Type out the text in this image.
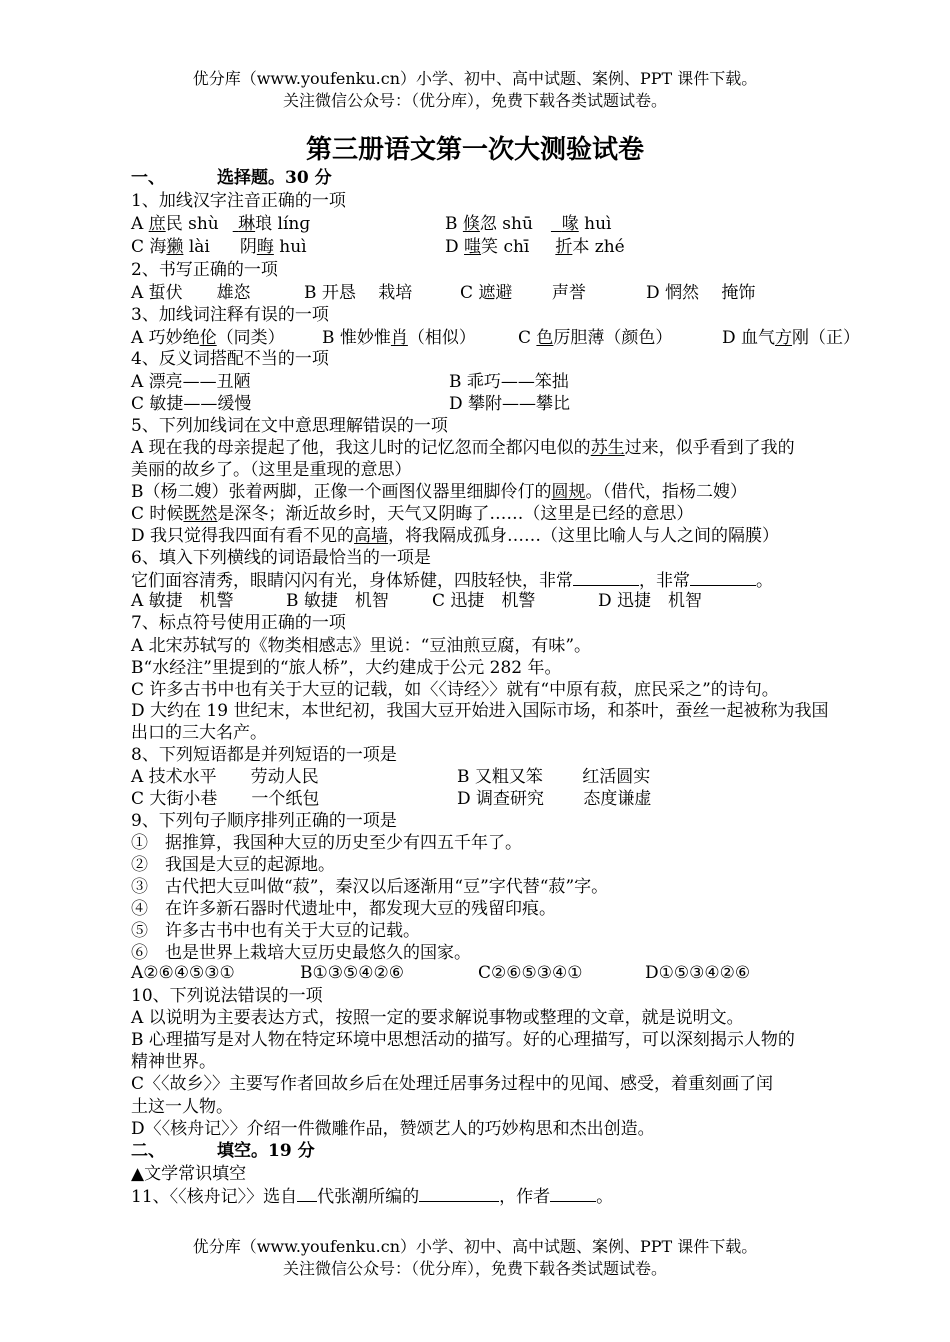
优分库（www.youfenku.cn）小学、初中、高中试题、案例、PPT 课件下载。
关注微信公众号：（优分库），免费下载各类试题试卷。
第三册语文第一次大测验试卷
一、	选择题。30 分
1、加线汉字注音正确的一项
A 庶民 shù 琳琅 línɡ	B 倏忽 shū 喙 huì
C 海獭 lài 阴晦 huì	D 嗤笑 chī 折本 zhé
2、书写正确的一项
A 蜇伏　　雄恣	B 开恳　 栽培	C 遮避　　 声誉	D 惘然　 掩饰
3、加线词注释有误的一项
A 巧妙绝伦（同类） B 惟妙惟肖（相似） C 色厉胆薄（颜色）	D 血气方刚（正）
4、反义词搭配不当的一项
A 漂亮——丑陋	B 乖巧——笨拙
C 敏捷——缓慢	D 攀附——攀比
5、下列加线词在文中意思理解错误的一项
A 现在我的母亲提起了他，我这儿时的记忆忽而全都闪电似的苏生过来，似乎看到了我的
美丽的故乡了。（这里是重现的意思）
B（杨二嫂）张着两脚，正像一个画图仪器里细脚伶仃的圆规。（借代，指杨二嫂）
C 时候既然是深冬；渐近故乡时，天气又阴晦了……（这里是已经的意思）
D 我只觉得我四面有看不见的高墙，将我隔成孤身……（这里比喻人与人之间的隔膜）
6、填入下列横线的词语最恰当的一项是
它们面容清秀，眼睛闪闪有光，身体矫健，四肢轻快，非常	，非常	。
A 敏捷　机警	B 敏捷　机智	C 迅捷　机警	D 迅捷　机智
7、标点符号使用正确的一项
A 北宋苏轼写的《物类相感志》里说：“豆油煎豆腐，有味”。
B“水经注”里提到的“旅人桥”，大约建成于公元 282 年。
C 许多古书中也有关于大豆的记载，如〈〈诗经〉〉就有“中原有菽，庶民采之”的诗句。
D 大约在 19 世纪末，本世纪初，我国大豆开始进入国际市场，和茶叶，蚕丝一起被称为我国
出口的三大名产。
8、下列短语都是并列短语的一项是
A 技术水平　　劳动人民	B 又粗又笨　　 红活圆实
C 大街小巷　　一个纸包	D 调查研究　　 态度谦虚
9、下列句子顺序排列正确的一项是
①　据推算，我国种大豆的历史至少有四五千年了。
②　我国是大豆的起源地。
③　古代把大豆叫做“菽”，秦汉以后逐渐用“豆”字代替“菽”字。
④　在许多新石器时代遗址中，都发现大豆的残留印痕。
⑤　许多古书中也有关于大豆的记载。
⑥　也是世界上栽培大豆历史最悠久的国家。
A②⑥④⑤③①	B①③⑤④②⑥	C②⑥⑤③④①	D①⑤③④②⑥
10、下列说法错误的一项
A 以说明为主要表达方式，按照一定的要求解说事物或整理的文章，就是说明文。
B 心理描写是对人物在特定环境中思想活动的描写。好的心理描写，可以深刻揭示人物的
精神世界。
C〈〈故乡〉〉主要写作者回故乡后在处理迁居事务过程中的见闻、感受，着重刻画了闰
土这一人物。
D〈〈核舟记〉〉介绍一件微雕作品，赞颂艺人的巧妙构思和杰出创造。
二、	填空。19 分
▲文学常识填空
11、〈〈核舟记〉〉选自 代张潮所编的	，作者	。
优分库（www.youfenku.cn）小学、初中、高中试题、案例、PPT 课件下载。
关注微信公众号：（优分库），免费下载各类试题试卷。
